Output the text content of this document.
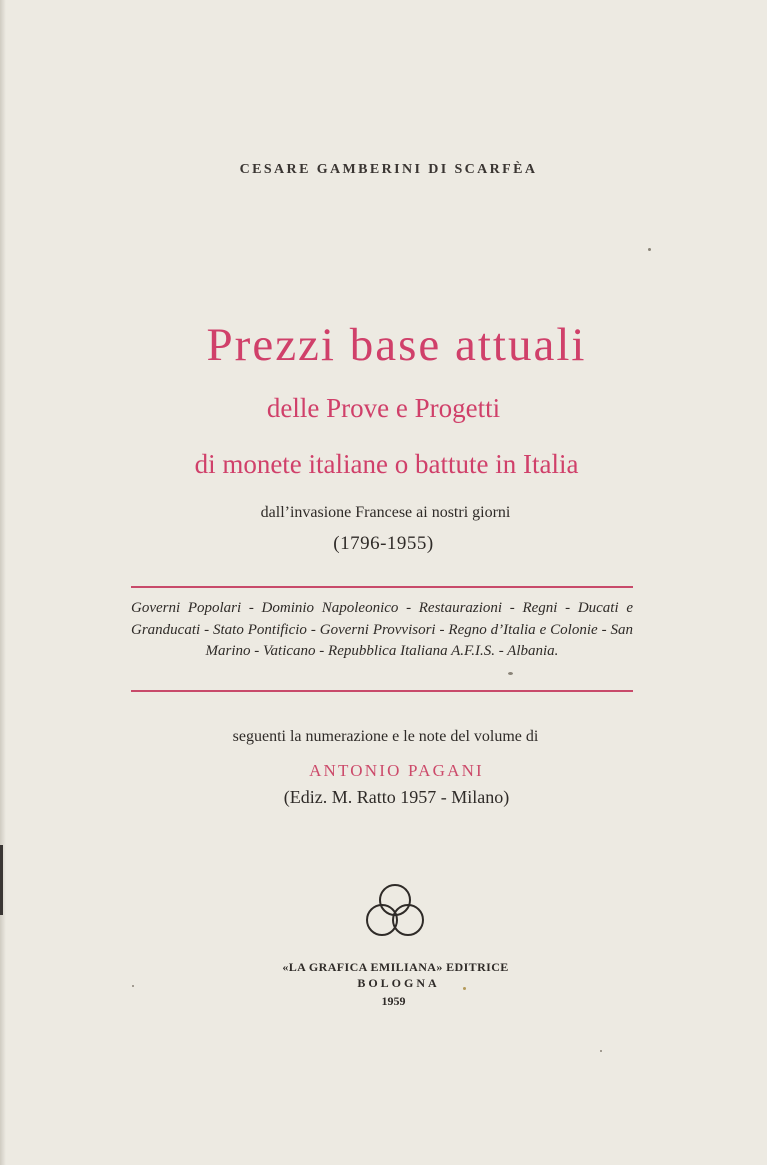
CESARE GAMBERINI DI SCARFÈA
Prezzi base attuali
delle Prove e Progetti
di monete italiane o battute in Italia
dall’invasione Francese ai nostri giorni
(1796-1955)
Governi Popolari - Dominio Napoleonico - Restaurazioni - Regni - Ducati e Granducati - Stato Pontificio - Governi Provvisori - Regno d’Italia e Colonie - San Marino - Vaticano - Repubblica Italiana A.F.I.S. - Albania.
seguenti la numerazione e le note del volume di
ANTONIO PAGANI
(Ediz. M. Ratto 1957 - Milano)
«LA GRAFICA EMILIANA» EDITRICE
BOLOGNA
1959
